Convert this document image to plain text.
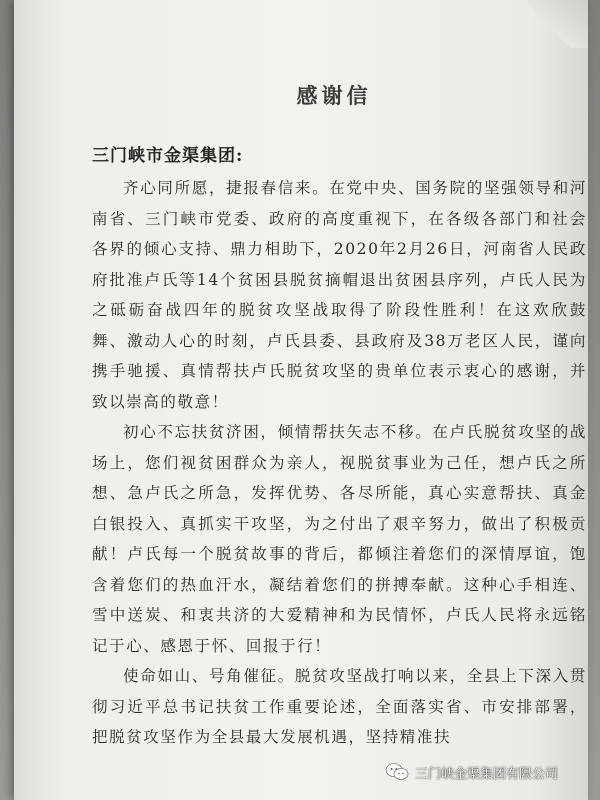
感谢信

三门峡市金渠集团:

齐心同所愿，捷报春信来。在党中央、国务院的坚强领导和河南省、三门峡市党委、政府的高度重视下，在各级各部门和社会各界的倾心支持、鼎力相助下，2020年2月26日，河南省人民政府批准卢氏等14个贫困县脱贫摘帽退出贫困县序列，卢氏人民为之砥砺奋战四年的脱贫攻坚战取得了阶段性胜利！在这欢欣鼓舞、激动人心的时刻，卢氏县委、县政府及38万老区人民，谨向携手驰援、真情帮扶卢氏脱贫攻坚的贵单位表示衷心的感谢，并致以崇高的敬意！

初心不忘扶贫济困，倾情帮扶矢志不移。在卢氏脱贫攻坚的战场上，您们视贫困群众为亲人，视脱贫事业为己任，想卢氏之所想、急卢氏之所急，发挥优势、各尽所能，真心实意帮扶、真金白银投入、真抓实干攻坚，为之付出了艰辛努力，做出了积极贡献！卢氏每一个脱贫故事的背后，都倾注着您们的深情厚谊，饱含着您们的热血汗水，凝结着您们的拼搏奉献。这种心手相连、雪中送炭、和衷共济的大爱精神和为民情怀，卢氏人民将永远铭记于心、感恩于怀、回报于行！

使命如山、号角催征。脱贫攻坚战打响以来，全县上下深入贯彻习近平总书记扶贫工作重要论述，全面落实省、市安排部署，把脱贫攻坚作为全县最大发展机遇，坚持精准扶

三门峡金渠集团有限公司
